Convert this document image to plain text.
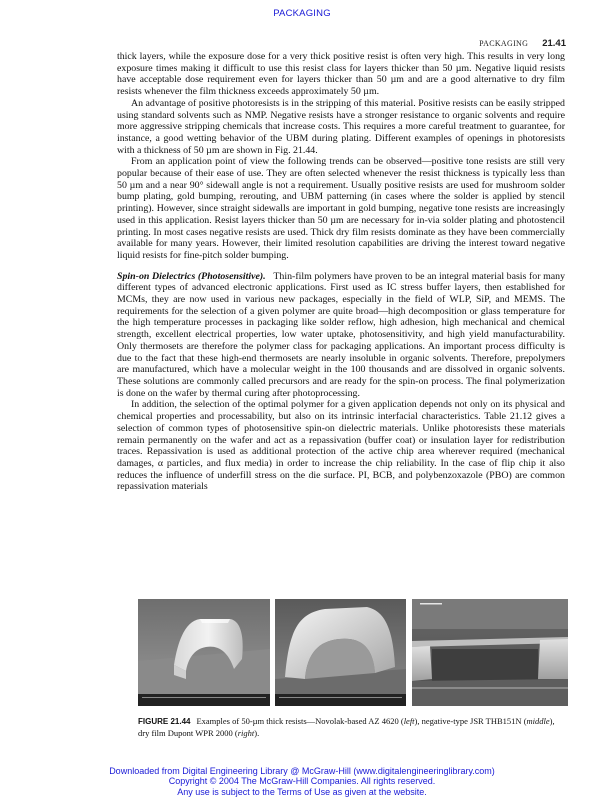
PACKAGING
PACKAGING 21.41

thick layers, while the exposure dose for a very thick positive resist is often very high. This results in very long exposure times making it difficult to use this resist class for layers thicker than 50 µm. Negative liquid resists have acceptable dose requirement even for layers thicker than 50 µm and are a good alternative to dry film resists whenever the film thickness exceeds approximately 50 µm.

An advantage of positive photoresists is in the stripping of this material. Positive resists can be easily stripped using standard solvents such as NMP. Negative resists have a stronger resistance to organic solvents and require more aggressive stripping chemicals that increase costs. This requires a more careful treatment to guarantee, for instance, a good wetting behavior of the UBM during plating. Different examples of openings in photoresists with a thickness of 50 µm are shown in Fig. 21.44.

From an application point of view the following trends can be observed—positive tone resists are still very popular because of their ease of use. They are often selected whenever the resist thickness is typically less than 50 µm and a near 90° sidewall angle is not a requirement. Usually positive resists are used for mushroom solder bump plating, gold bumping, rerouting, and UBM patterning (in cases where the solder is applied by stencil printing). However, since straight sidewalls are important in gold bumping, negative tone resists are increasingly used in this application. Resist layers thicker than 50 µm are necessary for in-via solder plating and photostencil printing. In most cases negative resists are used. Thick dry film resists dominate as they have been commercially available for many years. However, their limited resolution capabilities are driving the interest toward negative liquid resists for fine-pitch solder bumping.

Spin-on Dielectrics (Photosensitive). Thin-film polymers have proven to be an integral material basis for many different types of advanced electronic applications. First used as IC stress buffer layers, then established for MCMs, they are now used in various new packages, especially in the field of WLP, SiP, and MEMS. The requirements for the selection of a given polymer are quite broad—high decomposition or glass temperature for the high temperature processes in packaging like solder reflow, high adhesion, high mechanical and chemical strength, excellent electrical properties, low water uptake, photosensitivity, and high yield manufacturability. Only thermosets are therefore the polymer class for packaging applications. An important process difficulty is due to the fact that these high-end thermosets are nearly insoluble in organic solvents. Therefore, prepolymers are manufactured, which have a molecular weight in the 100 thousands and are dissolved in organic solvents. These solutions are commonly called precursors and are ready for the spin-on process. The final polymerization is done on the wafer by thermal curing after photoprocessing.

In addition, the selection of the optimal polymer for a given application depends not only on its physical and chemical properties and processability, but also on its intrinsic interfacial characteristics. Table 21.12 gives a selection of common types of photosensitive spin-on dielectric materials. Unlike photoresists these materials remain permanently on the wafer and act as a repassivation (buffer coat) or insulation layer for redistribution traces. Repassivation is used as additional protection of the active chip area wherever required (mechanical damages, α particles, and flux media) in order to increase the chip reliability. In the case of flip chip it also reduces the influence of underfill stress on the die surface. PI, BCB, and polybenzoxazole (PBO) are common repassivation materials

FIGURE 21.44 Examples of 50-µm thick resists—Novolak-based AZ 4620 (left), negative-type JSR THB151N (middle), dry film Dupont WPR 2000 (right).
Downloaded from Digital Engineering Library @ McGraw-Hill (www.digitalengineeringlibrary.com)
Copyright © 2004 The McGraw-Hill Companies. All rights reserved.
Any use is subject to the Terms of Use as given at the website.
